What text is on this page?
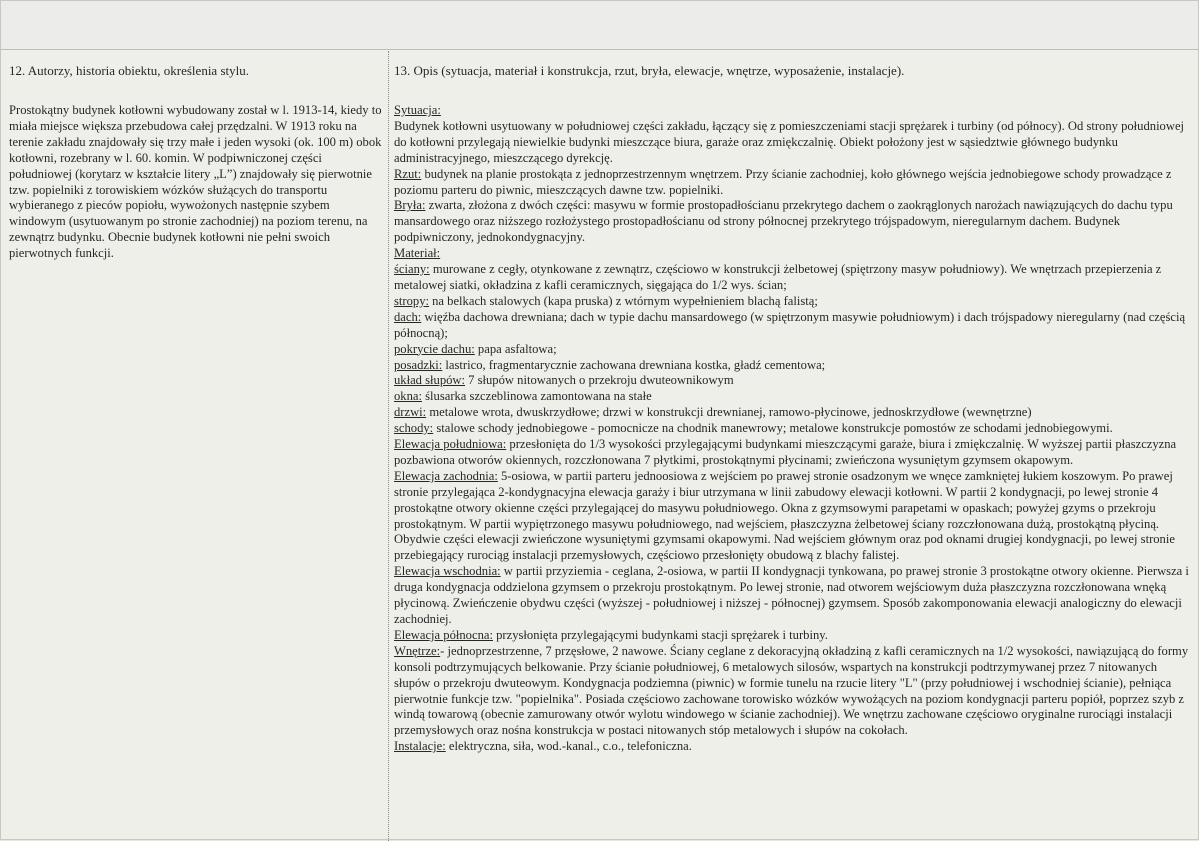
12. Autorzy, historia obiektu, określenia stylu.

Prostokątny budynek kotłowni wybudowany został w l. 1913-14, kiedy to miała miejsce większa przebudowa całej przędzalni. W 1913 roku na terenie zakładu znajdowały się trzy małe i jeden wysoki (ok. 100 m) obok kotłowni, rozebrany w l. 60. komin. W podpiwniczonej części południowej (korytarz w kształcie litery „L”) znajdowały się pierwotnie tzw. popielniki z torowiskiem wózków służących do transportu wybieranego z pieców popiołu, wywożonych następnie szybem windowym (usytuowanym po stronie zachodniej) na poziom terenu, na zewnątrz budynku. Obecnie budynek kotłowni nie pełni swoich pierwotnych funkcji.

13. Opis (sytuacja, materiał i konstrukcja, rzut, bryła, elewacje, wnętrze, wyposażenie, instalacje).

Sytuacja:

Budynek kotłowni usytuowany w południowej części zakładu, łączący się z pomieszczeniami stacji sprężarek i turbiny (od północy). Od strony południowej do kotłowni przylegają niewielkie budynki mieszczące biura, garaże oraz zmiękczalnię. Obiekt położony jest w sąsiedztwie głównego budynku administracyjnego, mieszczącego dyrekcję.

Rzut: budynek na planie prostokąta z jednoprzestrzennym wnętrzem. Przy ścianie zachodniej, koło głównego wejścia jednobiegowe schody prowadzące z poziomu parteru do piwnic, mieszczących dawne tzw. popielniki.

Bryła: zwarta, złożona z dwóch części: masywu w formie prostopadłościanu przekrytego dachem o zaokrąglonych narożach nawiązujących do dachu typu mansardowego oraz niższego rozłożystego prostopadłościanu od strony północnej przekrytego trójspadowym, nieregularnym dachem. Budynek podpiwniczony, jednokondygnacyjny.

Materiał:

ściany: murowane z cegły, otynkowane z zewnątrz, częściowo w konstrukcji żelbetowej (spiętrzony masyw południowy). We wnętrzach przepierzenia z metalowej siatki, okładzina z kafli ceramicznych, sięgająca do 1/2 wys. ścian;

stropy: na belkach stalowych (kapa pruska) z wtórnym wypełnieniem blachą falistą;

dach: więźba dachowa drewniana; dach w typie dachu mansardowego (w spiętrzonym masywie południowym) i dach trójspadowy nieregularny (nad częścią północną);

pokrycie dachu: papa asfaltowa;

posadzki: lastrico, fragmentarycznie zachowana drewniana kostka, gładź cementowa;

układ słupów: 7 słupów nitowanych o przekroju dwuteownikowym

okna: ślusarka szczeblinowa zamontowana na stałe

drzwi: metalowe wrota, dwuskrzydłowe; drzwi w konstrukcji drewnianej, ramowo-płycinowe, jednoskrzydłowe (wewnętrzne)

schody: stalowe schody jednobiegowe - pomocnicze na chodnik manewrowy; metalowe konstrukcje pomostów ze schodami jednobiegowymi.

Elewacja południowa: przesłonięta do 1/3 wysokości przylegającymi budynkami mieszczącymi garaże, biura i zmiękczalnię. W wyższej partii płaszczyzna pozbawiona otworów okiennych, rozczłonowana 7 płytkimi, prostokątnymi płycinami; zwieńczona wysuniętym gzymsem okapowym.

Elewacja zachodnia: 5-osiowa, w partii parteru jednoosiowa z wejściem po prawej stronie osadzonym we wnęce zamkniętej łukiem koszowym. Po prawej stronie przylegająca 2-kondygnacyjna elewacja garaży i biur utrzymana w linii zabudowy elewacji kotłowni. W partii 2 kondygnacji, po lewej stronie 4 prostokątne otwory okienne części przylegającej do masywu południowego. Okna z gzymsowymi parapetami w opaskach; powyżej gzyms o przekroju prostokątnym. W partii wypiętrzonego masywu południowego, nad wejściem, płaszczyzna żelbetowej ściany rozczłonowana dużą, prostokątną płyciną. Obydwie części elewacji zwieńczone wysuniętymi gzymsami okapowymi. Nad wejściem głównym oraz pod oknami drugiej kondygnacji, po lewej stronie przebiegający rurociąg instalacji przemysłowych, częściowo przesłonięty obudową z blachy falistej.

Elewacja wschodnia: w partii przyziemia - ceglana, 2-osiowa, w partii II kondygnacji tynkowana, po prawej stronie 3 prostokątne otwory okienne. Pierwsza i druga kondygnacja oddzielona gzymsem o przekroju prostokątnym. Po lewej stronie, nad otworem wejściowym duża płaszczyzna rozczłonowana wnęką płycinową. Zwieńczenie obydwu części (wyższej - południowej i niższej - północnej) gzymsem. Sposób zakomponowania elewacji analogiczny do elewacji zachodniej.

Elewacja północna: przysłonięta przylegającymi budynkami stacji sprężarek i turbiny.

Wnętrze:- jednoprzestrzenne, 7 przęsłowe, 2 nawowe. Ściany ceglane z dekoracyjną okładziną z kafli ceramicznych na 1/2 wysokości, nawiązującą do formy konsoli podtrzymujących belkowanie. Przy ścianie południowej, 6 metalowych silosów, wspartych na konstrukcji podtrzymywanej przez 7 nitowanych słupów o przekroju dwuteowym. Kondygnacja podziemna (piwnic) w formie tunelu na rzucie litery "L" (przy południowej i wschodniej ścianie), pełniąca pierwotnie funkcje tzw. "popielnika". Posiada częściowo zachowane torowisko wózków wywożących na poziom kondygnacji parteru popiół, poprzez szyb z windą towarową (obecnie zamurowany otwór wylotu windowego w ścianie zachodniej). We wnętrzu zachowane częściowo oryginalne rurociągi instalacji przemysłowych oraz nośna konstrukcja w postaci nitowanych stóp metalowych i słupów na cokołach.

Instalacje: elektryczna, siła, wod.-kanal., c.o., telefoniczna.
